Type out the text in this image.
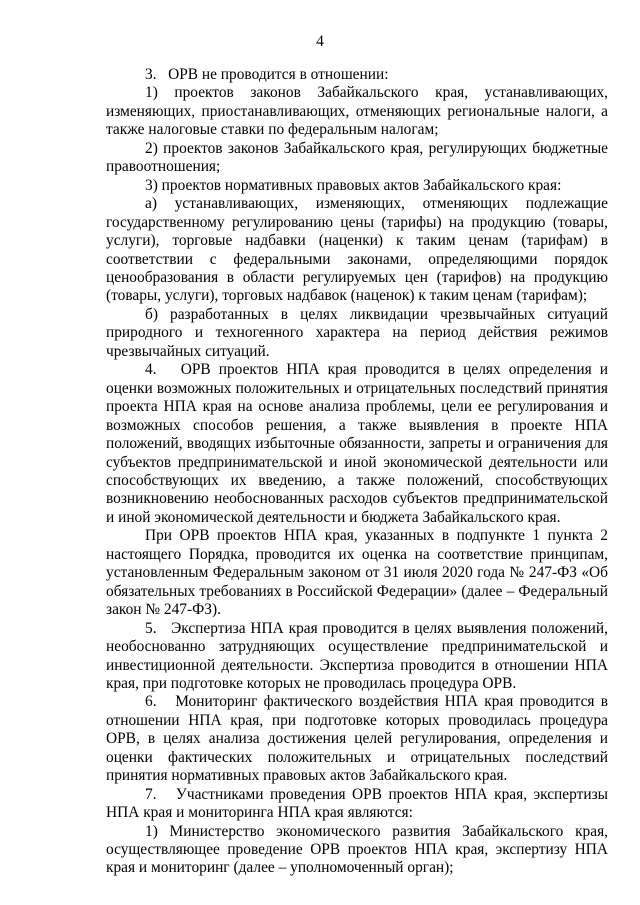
4

3.   ОРВ не проводится в отношении:

1) проектов законов Забайкальского края, устанавливающих, изменяющих, приостанавливающих, отменяющих региональные налоги, а также налоговые ставки по федеральным налогам;

2) проектов законов Забайкальского края, регулирующих бюджетные правоотношения;

3) проектов нормативных правовых актов Забайкальского края:

а) устанавливающих, изменяющих, отменяющих подлежащие государственному регулированию цены (тарифы) на продукцию (товары, услуги), торговые надбавки (наценки) к таким ценам (тарифам) в соответствии с федеральными законами, определяющими порядок ценообразования в области регулируемых цен (тарифов) на продукцию (товары, услуги), торговых надбавок (наценок) к таким ценам (тарифам);

б) разработанных в целях ликвидации чрезвычайных ситуаций природного и техногенного характера на период действия режимов чрезвычайных ситуаций.

4.   ОРВ проектов НПА края проводится в целях определения и оценки возможных положительных и отрицательных последствий принятия проекта НПА края на основе анализа проблемы, цели ее регулирования и возможных способов решения, а также выявления в проекте НПА положений, вводящих избыточные обязанности, запреты и ограничения для субъектов предпринимательской и иной экономической деятельности или способствующих их введению, а также положений, способствующих возникновению необоснованных расходов субъектов предпринимательской и иной экономической деятельности и бюджета Забайкальского края.

При ОРВ проектов НПА края, указанных в подпункте 1 пункта 2 настоящего Порядка, проводится их оценка на соответствие принципам, установленным Федеральным законом от 31 июля 2020 года № 247-ФЗ «Об обязательных требованиях в Российской Федерации» (далее – Федеральный закон № 247-ФЗ).

5.   Экспертиза НПА края проводится в целях выявления положений, необоснованно затрудняющих осуществление предпринимательской и инвестиционной деятельности. Экспертиза проводится в отношении НПА края, при подготовке которых не проводилась процедура ОРВ.

6.   Мониторинг фактического воздействия НПА края проводится в отношении НПА края, при подготовке которых проводилась процедура ОРВ, в целях анализа достижения целей регулирования, определения и оценки фактических положительных и отрицательных последствий принятия нормативных правовых актов Забайкальского края.

7.   Участниками проведения ОРВ проектов НПА края, экспертизы НПА края и мониторинга НПА края являются:

1) Министерство экономического развития Забайкальского края, осуществляющее проведение ОРВ проектов НПА края, экспертизу НПА края и мониторинг (далее – уполномоченный орган);
